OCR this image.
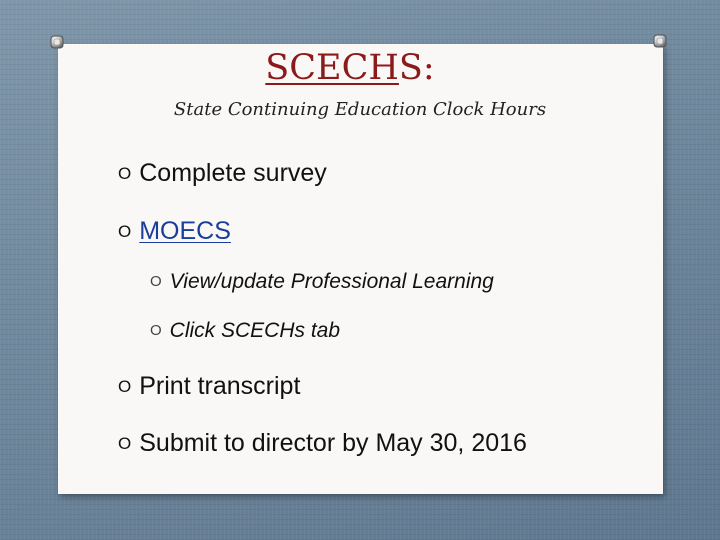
SCECHS:

State Continuing Education Clock Hours

O Complete survey
O MOECS
O View/update Professional Learning
O Click SCECHs tab
O Print transcript
O Submit to director by May 30, 2016
